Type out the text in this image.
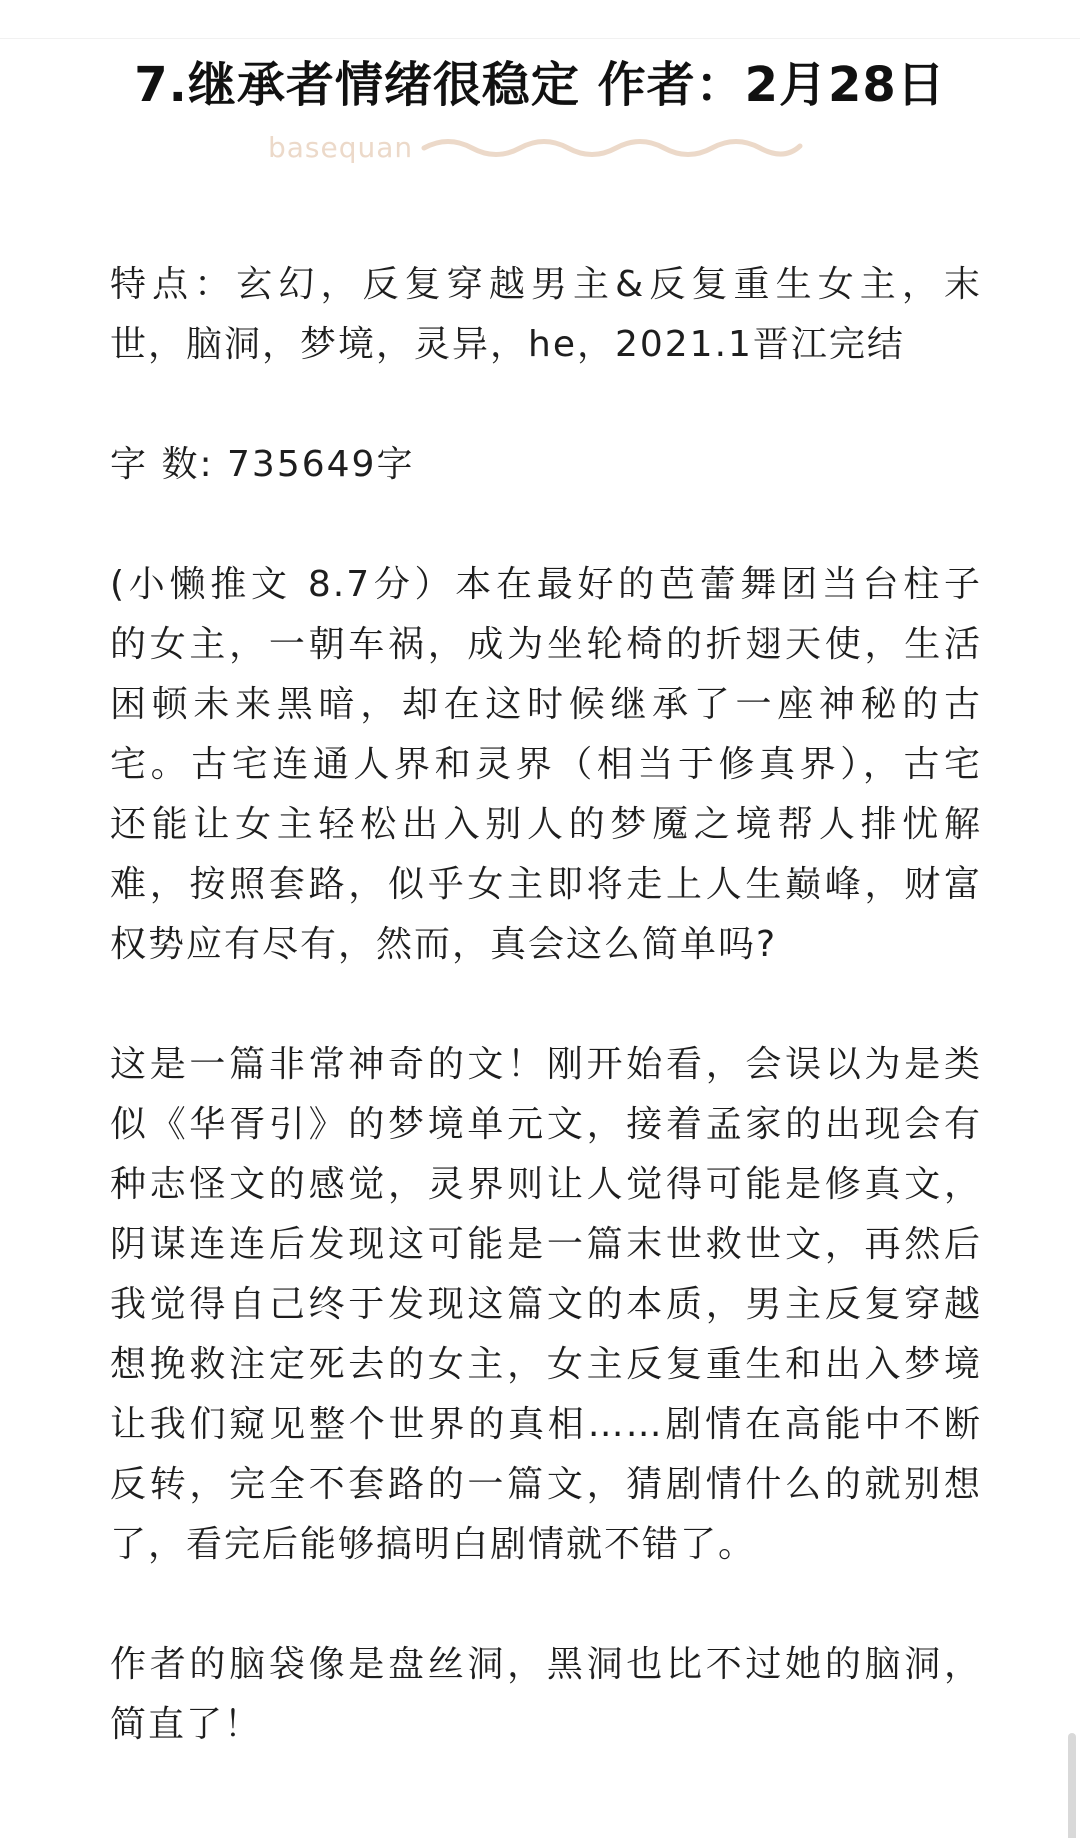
7.继承者情绪很稳定 作者：2月28日
basequan

特点：玄幻，反复穿越男主&反复重生女主，末
世，脑洞，梦境，灵异，he，2021.1晋江完结

字 数: 735649字

(小懒推文 8.7分）本在最好的芭蕾舞团当台柱子
的女主，一朝车祸，成为坐轮椅的折翅天使，生活
困顿未来黑暗，却在这时候继承了一座神秘的古
宅。古宅连通人界和灵界（相当于修真界），古宅
还能让女主轻松出入别人的梦魇之境帮人排忧解
难，按照套路，似乎女主即将走上人生巅峰，财富
权势应有尽有，然而，真会这么简单吗?

这是一篇非常神奇的文！刚开始看，会误以为是类
似《华胥引》的梦境单元文，接着孟家的出现会有
种志怪文的感觉，灵界则让人觉得可能是修真文，
阴谋连连后发现这可能是一篇末世救世文，再然后
我觉得自己终于发现这篇文的本质，男主反复穿越
想挽救注定死去的女主，女主反复重生和出入梦境
让我们窥见整个世界的真相……剧情在高能中不断
反转，完全不套路的一篇文，猜剧情什么的就别想
了，看完后能够搞明白剧情就不错了。

作者的脑袋像是盘丝洞，黑洞也比不过她的脑洞，
简直了！
